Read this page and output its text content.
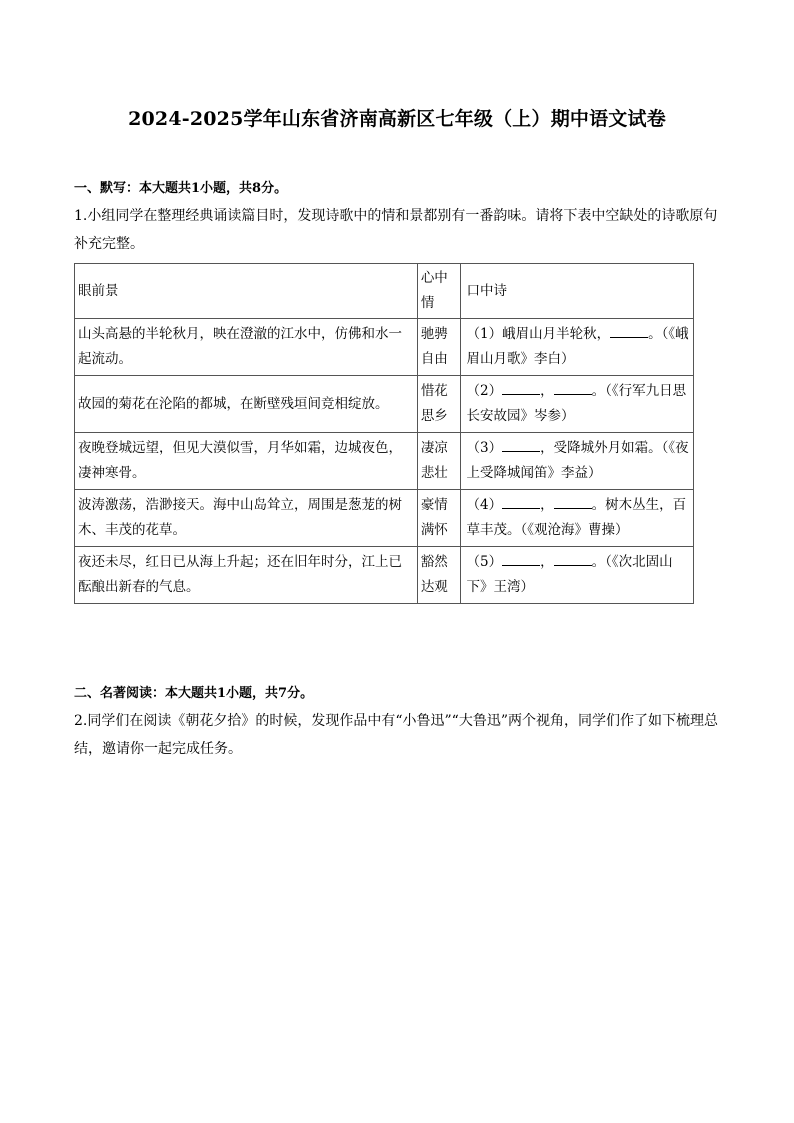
2024-2025学年山东省济南高新区七年级（上）期中语文试卷
一、默写：本大题共1小题，共8分。
1.小组同学在整理经典诵读篇目时，发现诗歌中的情和景都别有一番韵味。请将下表中空缺处的诗歌原句补充完整。
眼前景	心中情	口中诗
山头高悬的半轮秋月，映在澄澈的江水中，仿佛和水一起流动。	驰骋自由	（1）峨眉山月半轮秋， 。（《峨眉山月歌》李白）
故园的菊花在沦陷的都城，在断壁残垣间竞相绽放。	惜花思乡	（2） ， 。（《行军九日思长安故园》岑参）
夜晚登城远望，但见大漠似雪，月华如霜，边城夜色，凄神寒骨。	凄凉悲壮	（3） ，受降城外月如霜。（《夜上受降城闻笛》李益）
波涛激荡，浩渺接天。海中山岛耸立，周围是葱茏的树木、丰茂的花草。	豪情满怀	（4） ， 。树木丛生，百草丰茂。（《观沧海》曹操）
夜还未尽，红日已从海上升起；还在旧年时分，江上已酝酿出新春的气息。	豁然达观	（5） ， 。（《次北固山下》王湾）
二、名著阅读：本大题共1小题，共7分。
2.同学们在阅读《朝花夕拾》的时候，发现作品中有“小鲁迅”“大鲁迅”两个视角，同学们作了如下梳理总结，邀请你一起完成任务。
